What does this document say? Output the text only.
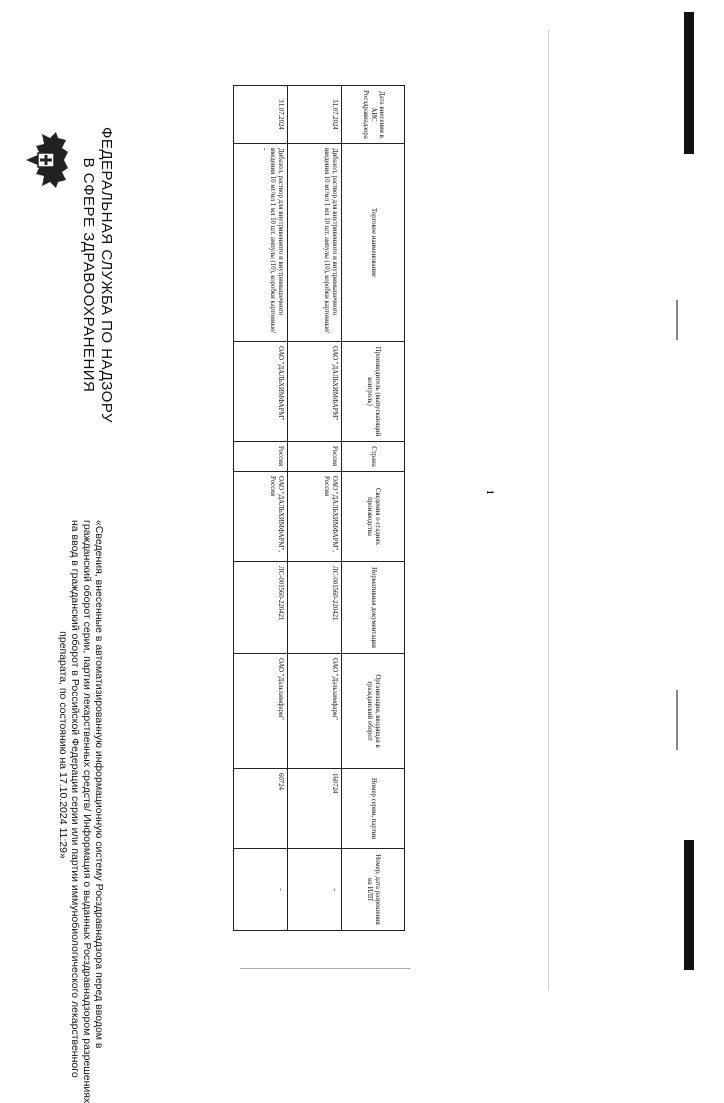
ФЕДЕРАЛЬНАЯ СЛУЖБА ПО НАДЗОРУ
В СФЕРЕ ЗДРАВООХРАНЕНИЯ
«Сведения, внесенные в автоматизированную информационную систему Росздравнадзора перед вводом в
гражданский оборот серии, партии лекарственных средств/ Информация о выданных Росздравнадзором разрешениях
на ввод в гражданский оборот в Российской Федерации серии или партии иммунобиологического лекарственного
препарата, по состоянию на 17.10.2024 11:29»
Дата внесения в АИС Росздравнадзора	Торговое наименование	Производитель (выпускающий контроль)	Страна	Сведения о стадиях производства	Нормативная документация	Организация, вводящая в гражданский оборот	Номер серии, партии	Номер, дата разрешения на ИЛП
31.07.2024	Дибазол, раствор для внутривенного и внутримышечного введения 10 мг/мл 1 мл 10 шт. ампулы (10), коробки картонные/	ОАО "ДАЛЬХИМФАРМ"	Россия	ОАО "ДАЛЬХИМФАРМ", Россия	ЛС-001560-220421	ОАО "Дальхимфарм"	160724	-
31.07.2024	Дибазол, раствор для внутривенного и внутримышечного введения 10 мг/мл 1 мл 10 шт. ампулы (10), коробки картонные/ -	ОАО "ДАЛЬХИМФАРМ"	Россия	ОАО "ДАЛЬХИМФАРМ", Россия	ЛС-001560-220421	ОАО "Дальхимфарм"	60724	-
1
